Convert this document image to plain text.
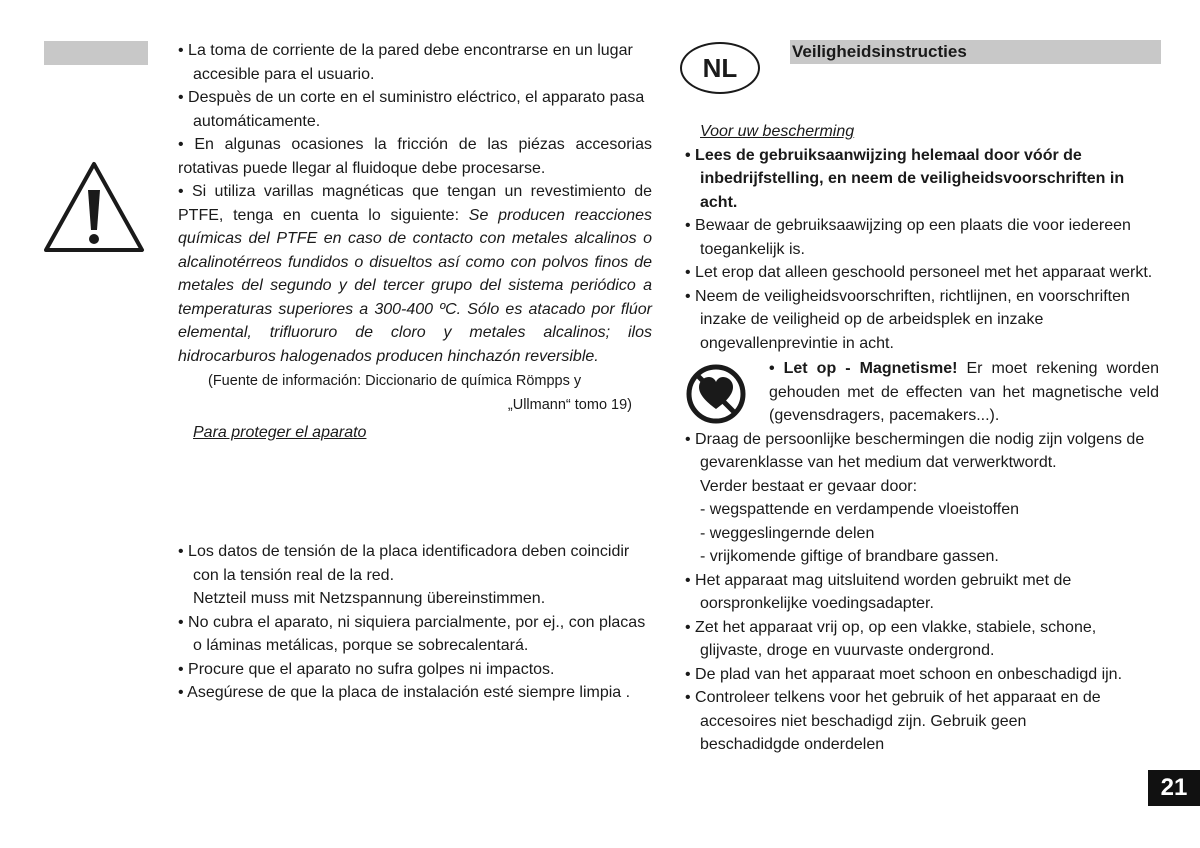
• La toma de corriente de la pared debe encontrarse en un lugar accesible para el usuario.

• Despuès de un corte en el suministro eléctrico, el apparato pasa automáticamente.

• En algunas ocasiones la fricción de las piézas accesorias rotativas puede llegar al fluidoque debe procesarse.

• Si utiliza varillas magnéticas que tengan un revestimiento de PTFE, tenga en cuenta lo siguiente: Se producen reacciones químicas del PTFE en caso de contacto con metales alcalinos o alcalinotérreos fundidos o disueltos así como con polvos finos de metales del segundo y del tercer grupo del sistema periódico a temperaturas superiores a 300-400 ºC. Sólo es atacado por flúor elemental, trifluoruro de cloro y metales alcalinos; ilos hidrocarburos halogenados producen hinchazón reversible.

(Fuente de información: Diccionario de química Römpps y

„Ullmann“ tomo 19)

Para proteger el aparato

• Los datos de tensión de la placa identificadora deben coincidir con la tensión real de la red.

Netzteil muss mit Netzspannung übereinstimmen.

• No cubra el aparato, ni siquiera parcialmente, por ej., con placas o láminas metálicas, porque se sobrecalentará.

• Procure que el aparato no sufra golpes ni impactos.

• Asegúrese de que la placa de instalación esté siempre limpia .

NL
Veiligheidsinstructies

Voor uw bescherming

• Lees de gebruiksaanwijzing helemaal door vóór de inbedrijfstelling, en neem de veiligheidsvoorschriften in acht.

• Bewaar de gebruiksaawijzing op een plaats die voor iedereen toegankelijk is.

• Let erop dat alleen geschoold personeel met het apparaat werkt.

• Neem de veiligheidsvoorschriften, richtlijnen, en voorschriften inzake de veiligheid op de arbeidsplek en inzake ongevallenprevintie in acht.

• Let op - Magnetisme! Er moet rekening worden gehouden met de effecten van het magnetische veld (gevensdragers, pacemakers...).

• Draag de persoonlijke beschermingen die nodig zijn volgens de gevarenklasse van het medium dat verwerktwordt.

Verder bestaat er gevaar door:

- wegspattende en verdampende vloeistoffen

- weggeslingernde delen

- vrijkomende giftige of brandbare gassen.

• Het apparaat mag uitsluitend worden gebruikt met de oorspronkelijke voedingsadapter.

• Zet het apparaat vrij op, op een vlakke, stabiele, schone, glijvaste, droge en vuurvaste ondergrond.

• De plad van het apparaat moet schoon en onbeschadigd ijn.

• Controleer telkens voor het gebruik of het apparaat en de accesoires niet beschadigd zijn. Gebruik geen beschadidgde onderdelen

21
